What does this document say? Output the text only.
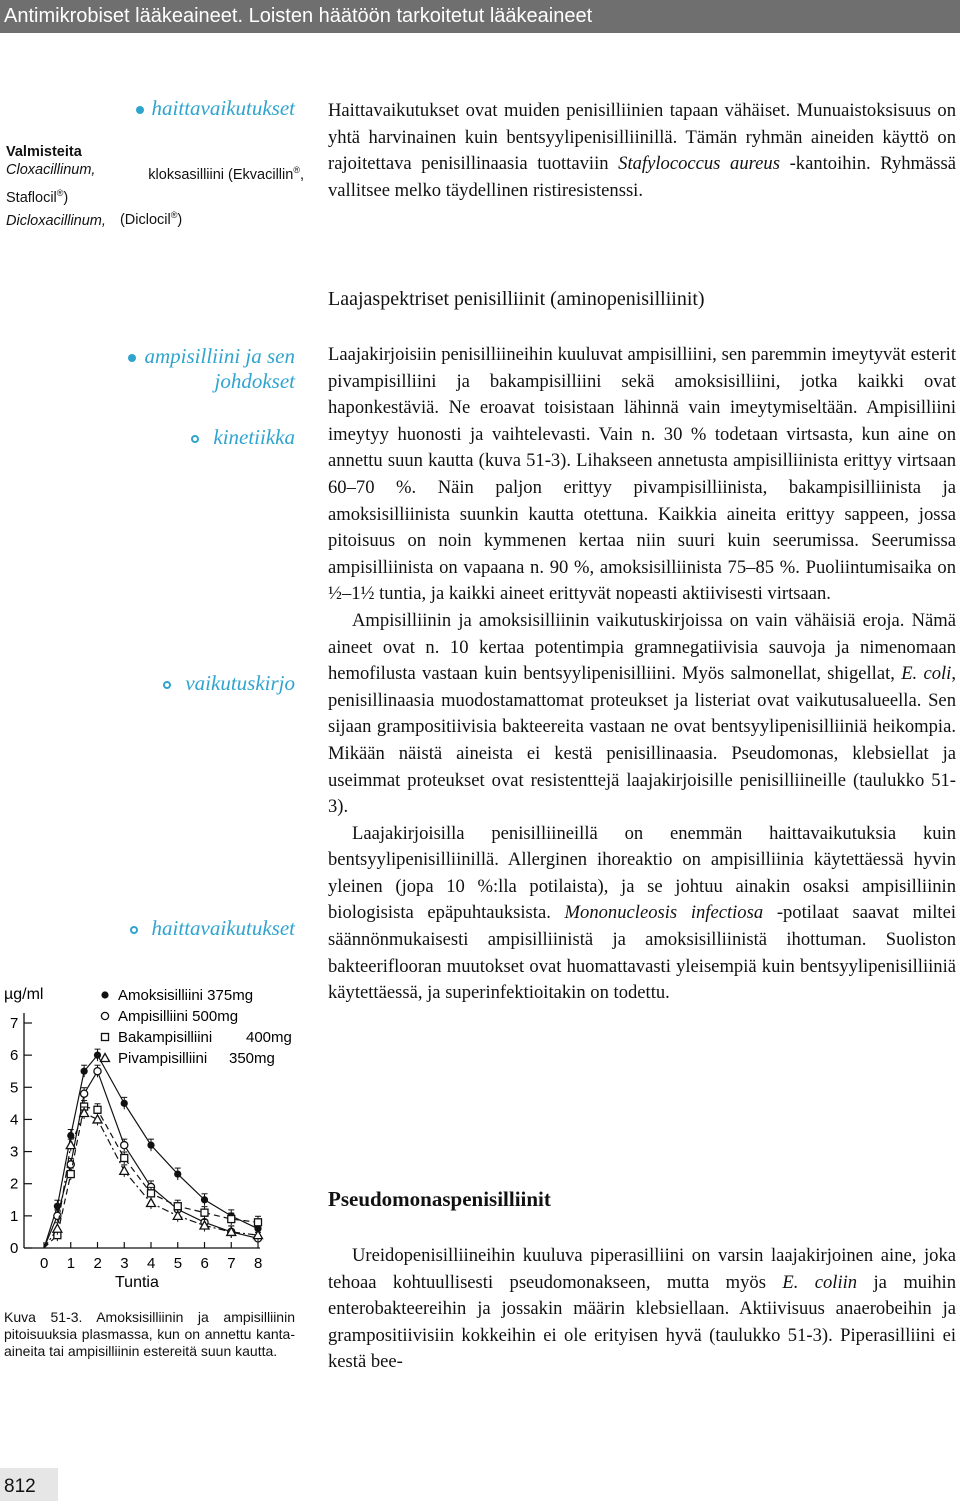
Antimikrobiset lääkeaineet. Loisten häätöön tarkoitetut lääkeaineet
haittavaikutukset
Valmisteita
Cloxacillinum,	kloksasilliini (Ekvacillin®,
Staflocil®)
Dicloxacillinum, (Diclocil®)

Haittavaikutukset ovat muiden penisilliinien tapaan vähäiset. Munuaistoksisuus on yhtä harvinainen kuin bentsyylipenisilliinillä. Tämän ryhmän aineiden käyttö on rajoitettava penisillinaasia tuottaviin Stafylococcus aureus -kantoihin. Ryhmässä vallitsee melko täydellinen ristiresistenssi.

Laajaspektriset penisilliinit (aminopenisilliinit)
ampisilliini ja sen
johdokset
kinetiikka
vaikutuskirjo
haittavaikutukset

Laajakirjoisiin penisilliineihin kuuluvat ampisilliini, sen paremmin imeytyvät esterit pivampisilliini ja bakampisilliini sekä amoksisilliini, jotka kaikki ovat haponkestäviä. Ne eroavat toisistaan lähinnä vain imeytymiseltään. Ampisilliini imeytyy huonosti ja vaihtelevasti. Vain n. 30 % todetaan virtsasta, kun aine on annettu suun kautta (kuva 51-3). Lihakseen annetusta ampisilliinista erittyy virtsaan 60–70 %. Näin paljon erittyy pivampisilliinista, bakampisilliinista ja amoksisilliinista suunkin kautta otettuna. Kaikkia aineita erittyy sappeen, jossa pitoisuus on noin kymmenen kertaa niin suuri kuin seerumissa. Seerumissa ampisilliinista on vapaana n. 90 %, amoksisilliinista 75–85 %. Puoliintumisaika on ½–1½ tuntia, ja kaikki aineet erittyvät nopeasti aktiivisesti virtsaan.

Ampisilliinin ja amoksisilliinin vaikutuskirjoissa on vain vähäisiä eroja. Nämä aineet ovat n. 10 kertaa potentimpia gramnegatiivisia sauvoja ja nimenomaan hemofilusta vastaan kuin bentsyylipenisilliini. Myös salmonellat, shigellat, E. coli, penisillinaasia muodostamattomat proteukset ja listeriat ovat vaikutusalueella. Sen sijaan grampositiivisia bakteereita vastaan ne ovat bentsyylipenisilliiniä heikompia. Mikään näistä aineista ei kestä penisillinaasia. Pseudomonas, klebsiellat ja useimmat proteukset ovat resistenttejä laajakirjoisille penisilliineille (taulukko 51-3).

Laajakirjoisilla penisilliineillä on enemmän haittavaikutuksia kuin bentsyylipenisilliinillä. Allerginen ihoreaktio on ampisilliinia käytettäessä hyvin yleinen (jopa 10 %:lla potilaista), ja se johtuu ainakin osaksi ampisilliinin biologisista epäpuhtauksista. Mononucleosis infectiosa -potilaat saavat miltei säännönmukaisesti ampisilliinistä ja amoksisilliinistä ihottuman. Suoliston bakteeriflooran muutokset ovat huomattavasti yleisempiä kuin bentsyylipenisilliiniä käytettäessä, ja superinfektioitakin on todettu.

Pseudomonaspenisilliinit

Ureidopenisilliineihin kuuluva piperasilliini on varsin laajakirjoinen aine, joka tehoaa kohtuullisesti pseudomonakseen, mutta myös E. coliin ja muihin enterobakteereihin ja jossakin määrin klebsiellaan. Aktiivisuus anaerobeihin ja grampositiivisiin kokkeihin ei ole erityisen hyvä (taulukko 51-3). Piperasilliini ei kestä bee-

µg/ml
0
1
2
3
4
5
6
7
0 1 2 3 4 5 6 7 8
Amoksisilliini 375mg
Ampisilliini 500mg
Bakampisilliini 400mg
Pivampisilliini 350mg
Tuntia
Kuva 51-3. Amoksisilliinin ja ampisilliinin pitoisuuksia plasmassa, kun on annettu kanta-aineita tai ampisilliinin estereitä suun kautta.
812
